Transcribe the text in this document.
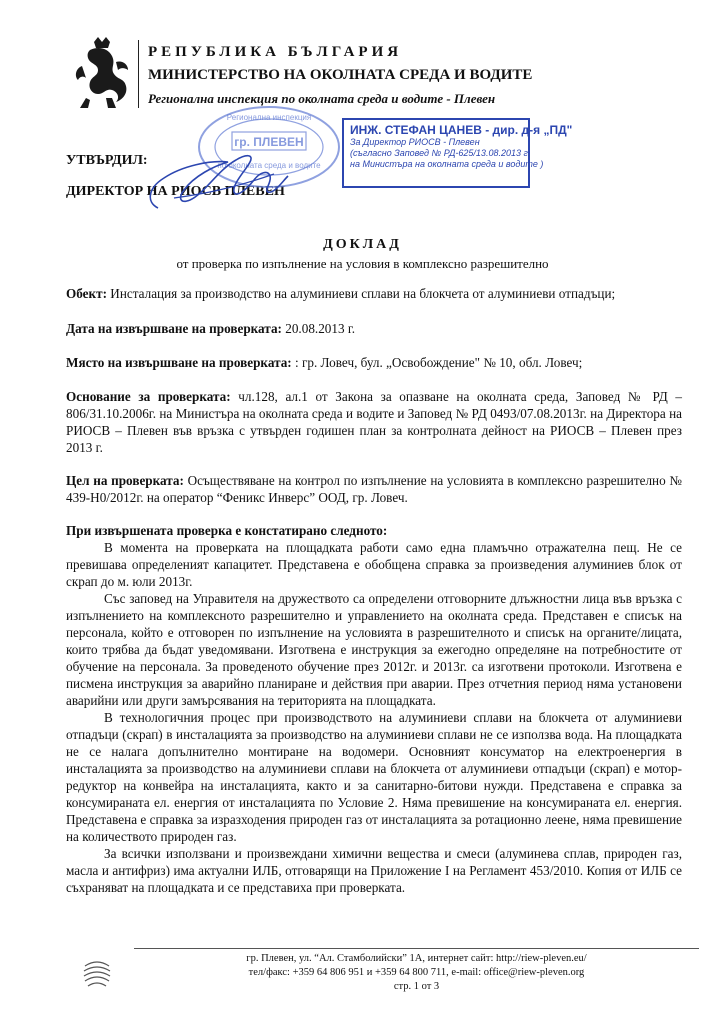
РЕПУБЛИКА БЪЛГАРИЯ
МИНИСТЕРСТВО НА ОКОЛНАТА СРЕДА И ВОДИТЕ
Регионална инспекция по околната среда и водите - Плевен
УТВЪРДИЛ:
ДИРЕКТОР НА РИОСВ ПЛЕВЕН
гр. ПЛЕВЕН
Регионална инспекция
по околната среда и водите
ИНЖ. СТЕФАН ЦАНЕВ - дир. д-я „ПД"
За Директор РИОСВ - Плевен
(съгласно Заповед № РД-625/13.08.2013 г.
на Министъра на околната среда и водите )
ДОКЛАД
от проверка по изпълнение на условия в комплексно разрешително
Обект: Инсталация за производство на алуминиеви сплави на блокчета от алуминиеви отпадъци;
Дата на извършване на проверката: 20.08.2013 г.
Място на извършване на проверката: : гр. Ловеч, бул. „Освобождение" № 10, обл. Ловеч;
Основание за проверката: чл.128, ал.1 от Закона за опазване на околната среда, Заповед № РД – 806/31.10.2006г. на Министъра на околната среда и водите и Заповед № РД 0493/07.08.2013г. на Директора на РИОСВ – Плевен във връзка с утвърден годишен план за контролната дейност на РИОСВ – Плевен през 2013 г.
Цел на проверката: Осъществяване на контрол по изпълнение на условията в комплексно разрешително № 439-Н0/2012г. на оператор “Феникс Инверс” ООД, гр. Ловеч.
При извършената проверка е констатирано следното:

В момента на проверката на площадката работи само една пламъчно отражателна пещ. Не се превишава определеният капацитет. Представена е обобщена справка за произведения алуминиев блок от скрап до м. юли 2013г.

Със заповед на Управителя на дружеството са определени отговорните длъжностни лица във връзка с изпълнението на комплексното разрешително и управлението на околната среда. Представен е списък на персонала, който е отговорен по изпълнение на условията в разрешителното и списък на органите/лицата, които трябва да бъдат уведомявани. Изготвена е инструкция за ежегодно определяне на потребностите от обучение на персонала. За проведеното обучение през 2012г. и 2013г. са изготвени протоколи. Изготвена е писмена инструкция за аварийно планиране и действия при аварии. През отчетния период няма установени аварийни или други замърсявания на територията на площадката.

В технологичния процес при производството на алуминиеви сплави на блокчета от алуминиеви отпадъци (скрап) в инсталацията за производство на алуминиеви сплави не се използва вода. На площадката не се налага допълнително монтиране на водомери. Основният консуматор на електроенергия в инсталацията за производство на алуминиеви сплави на блокчета от алуминиеви отпадъци (скрап) е мотор-редуктор на конвейра на инсталацията, както и за санитарно-битови нужди. Представена е справка за консумираната ел. енергия от инсталацията по Условие 2. Няма превишение на консумираната ел. енергия. Представена е справка за изразходения природен газ от инсталацията за ротационно леене, няма превишение на количеството природен газ.

За всички използвани и произвеждани химични вещества и смеси (алуминева сплав, природен газ, масла и антифриз) има актуални ИЛБ, отговарящи на Приложение I на Регламент 453/2010. Копия от ИЛБ се съхраняват на площадката и се представиха при проверката.

гр. Плевен, ул. “Ал. Стамболийски” 1А, интернет сайт: http://riew-pleven.eu/
тел/факс: +359 64 806 951 и +359 64 800 711, e-mail: office@riew-pleven.org
стр. 1 от 3
